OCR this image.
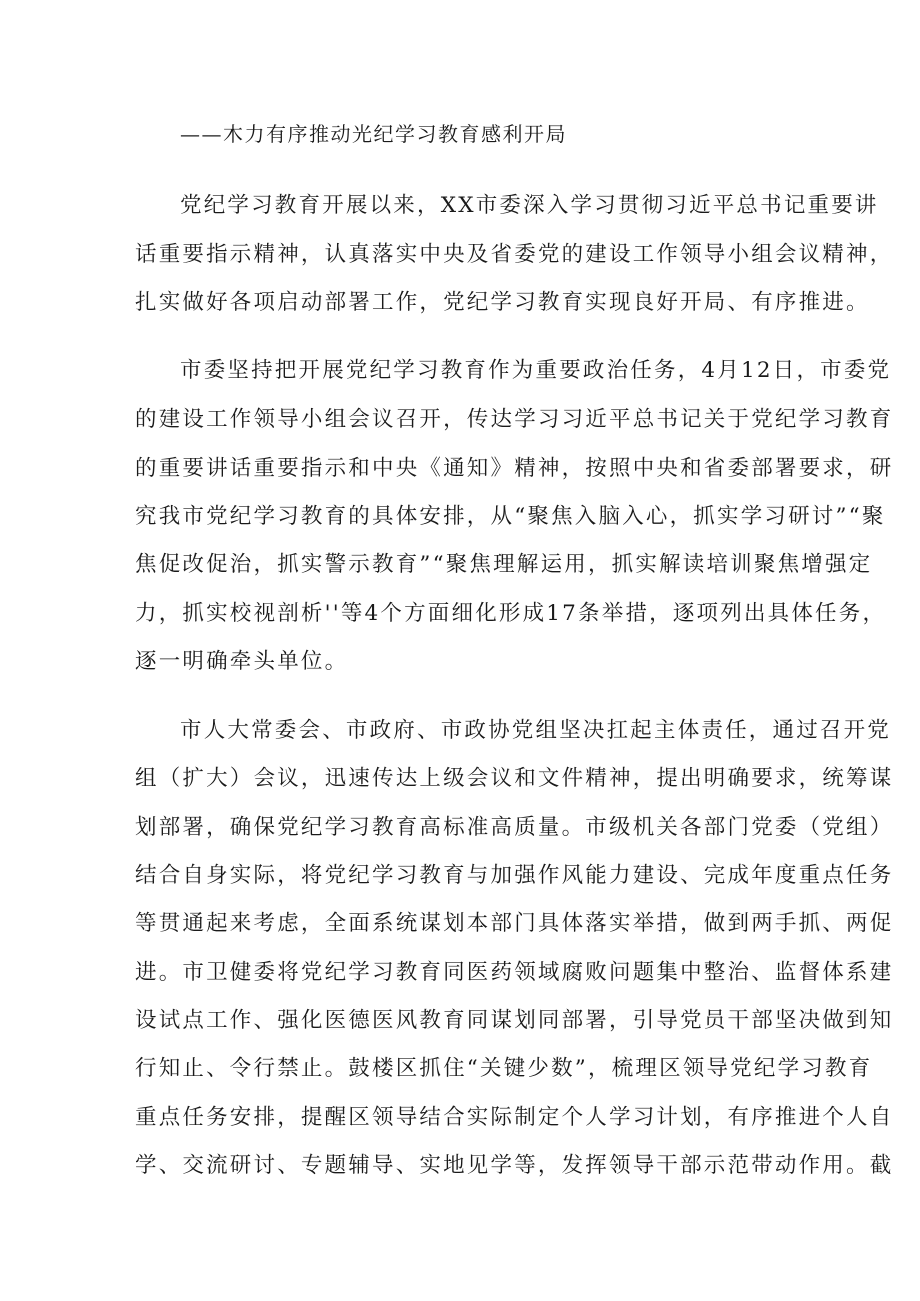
——木力有序推动光纪学习教育感利开局

党纪学习教育开展以来，XX市委深入学习贯彻习近平总书记重要讲

话重要指示精神，认真落实中央及省委党的建设工作领导小组会议精神，

扎实做好各项启动部署工作，党纪学习教育实现良好开局、有序推进。

市委坚持把开展党纪学习教育作为重要政治任务，4月12日，市委党

的建设工作领导小组会议召开，传达学习习近平总书记关于党纪学习教育

的重要讲话重要指示和中央《通知》精神，按照中央和省委部署要求，研

究我市党纪学习教育的具体安排，从“聚焦入脑入心，抓实学习研讨”“聚

焦促改促治，抓实警示教育”“聚焦理解运用，抓实解读培训聚焦增强定

力，抓实校视剖析''等4个方面细化形成17条举措，逐项列出具体任务，

逐一明确牵头单位。

市人大常委会、市政府、市政协党组坚决扛起主体责任，通过召开党

组（扩大）会议，迅速传达上级会议和文件精神，提出明确要求，统筹谋

划部署，确保党纪学习教育高标准高质量。市级机关各部门党委（党组）

结合自身实际，将党纪学习教育与加强作风能力建设、完成年度重点任务

等贯通起来考虑，全面系统谋划本部门具体落实举措，做到两手抓、两促

进。市卫健委将党纪学习教育同医药领域腐败问题集中整治、监督体系建

设试点工作、强化医德医风教育同谋划同部署，引导党员干部坚决做到知

行知止、令行禁止。鼓楼区抓住“关键少数”，梳理区领导党纪学习教育

重点任务安排，提醒区领导结合实际制定个人学习计划，有序推进个人自

学、交流研讨、专题辅导、实地见学等，发挥领导干部示范带动作用。截
